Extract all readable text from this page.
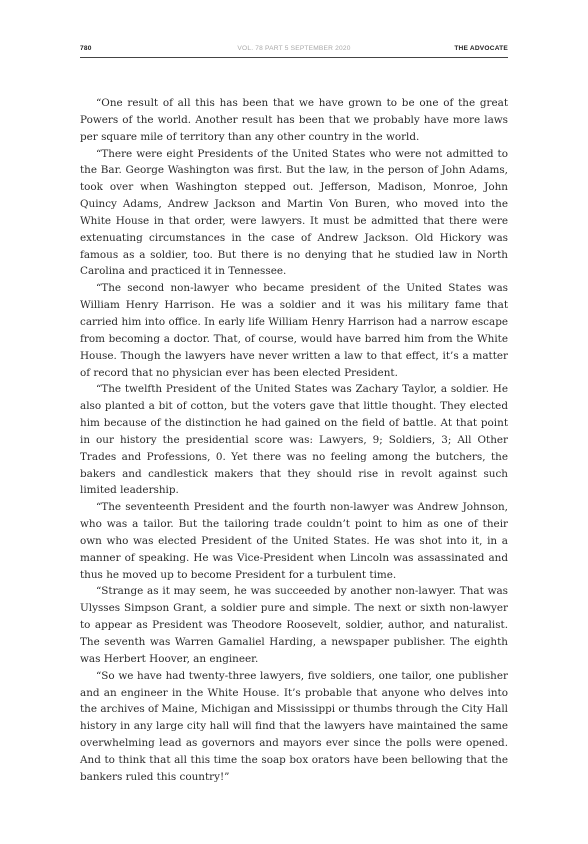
780	VOL. 78 PART 5 SEPTEMBER 2020	THE ADVOCATE

“One result of all this has been that we have grown to be one of the great Powers of the world. Another result has been that we probably have more laws per square mile of territory than any other country in the world.

“There were eight Presidents of the United States who were not admitted to the Bar. George Washington was first. But the law, in the person of John Adams, took over when Washington stepped out. Jefferson, Madison, Monroe, John Quincy Adams, Andrew Jackson and Martin Von Buren, who moved into the White House in that order, were lawyers. It must be admitted that there were extenuating circumstances in the case of Andrew Jackson. Old Hickory was famous as a soldier, too. But there is no denying that he studied law in North Carolina and practiced it in Tennessee.

“The second non-lawyer who became president of the United States was William Henry Harrison. He was a soldier and it was his military fame that carried him into office. In early life William Henry Harrison had a narrow escape from becoming a doctor. That, of course, would have barred him from the White House. Though the lawyers have never written a law to that effect, it’s a matter of record that no physician ever has been elected President.

“The twelfth President of the United States was Zachary Taylor, a soldier. He also planted a bit of cotton, but the voters gave that little thought. They elected him because of the distinction he had gained on the field of battle. At that point in our history the presidential score was: Lawyers, 9; Soldiers, 3; All Other Trades and Professions, 0. Yet there was no feeling among the butchers, the bakers and candlestick makers that they should rise in revolt against such limited leadership.

“The seventeenth President and the fourth non-lawyer was Andrew Johnson, who was a tailor. But the tailoring trade couldn’t point to him as one of their own who was elected President of the United States. He was shot into it, in a manner of speaking. He was Vice-President when Lincoln was assassinated and thus he moved up to become President for a turbulent time.

“Strange as it may seem, he was succeeded by another non-lawyer. That was Ulysses Simpson Grant, a soldier pure and simple. The next or sixth non-lawyer to appear as President was Theodore Roosevelt, soldier, author, and naturalist. The seventh was Warren Gamaliel Harding, a newspaper publisher. The eighth was Herbert Hoover, an engineer.

“So we have had twenty-three lawyers, five soldiers, one tailor, one publisher and an engineer in the White House. It’s probable that anyone who delves into the archives of Maine, Michigan and Mississippi or thumbs through the City Hall history in any large city hall will find that the lawyers have maintained the same overwhelming lead as governors and mayors ever since the polls were opened. And to think that all this time the soap box orators have been bellowing that the bankers ruled this country!”
